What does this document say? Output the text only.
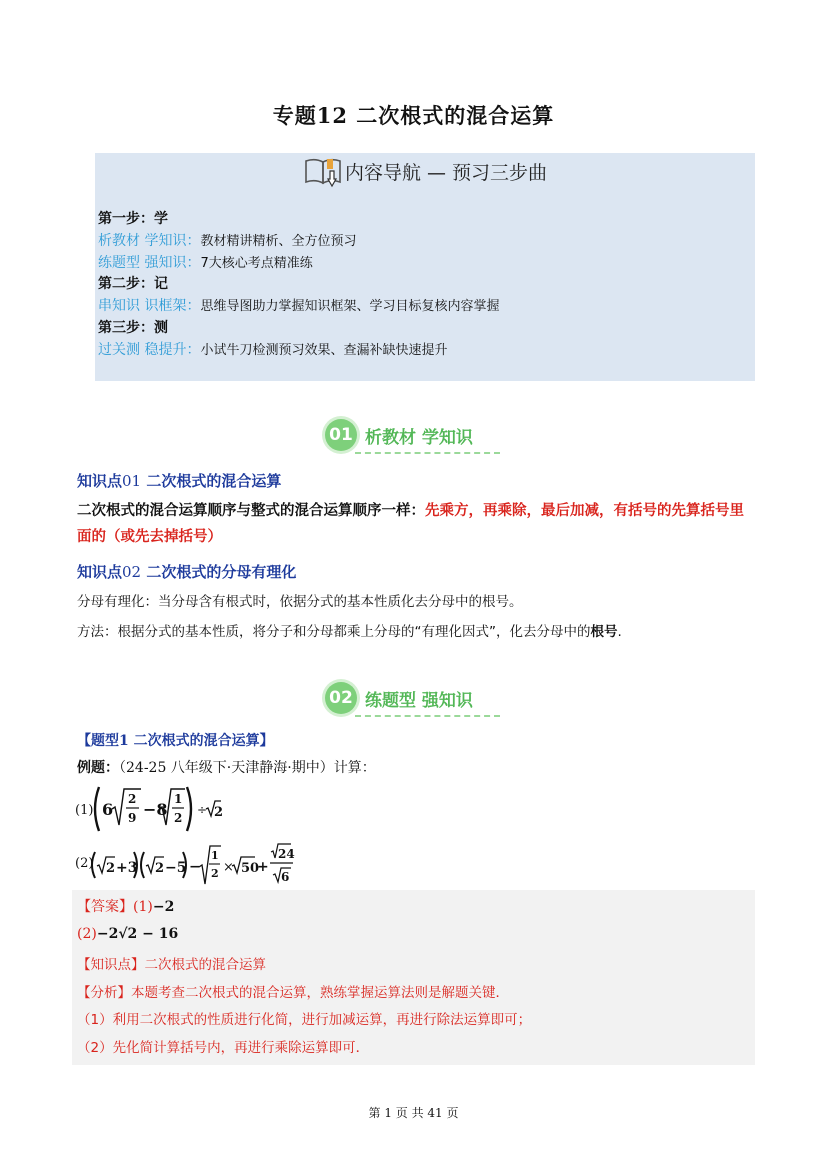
专题12 二次根式的混合运算
内容导航 — 预习三步曲
第一步：学
析教材 学知识：教材精讲精析、全方位预习
练题型 强知识：7大核心考点精准练
第二步：记
串知识 识框架：思维导图助力掌握知识框架、学习目标复核内容掌握
第三步：测
过关测 稳提升：小试牛刀检测预习效果、查漏补缺快速提升
01 析教材 学知识
知识点01 二次根式的混合运算
二次根式的混合运算顺序与整式的混合运算顺序一样：先乘方，再乘除，最后加减，有括号的先算括号里面的（或先去掉括号）
知识点02 二次根式的分母有理化
分母有理化：当分母含有根式时，依据分式的基本性质化去分母中的根号。
方法：根据分式的基本性质，将分子和分母都乘上分母的“有理化因式”，化去分母中的根号.
02 练题型 强知识
【题型1 二次根式的混合运算】
例题：（24-25 八年级下·天津静海·期中）计算：
(1) 6
2
9 −8
1
2
÷ 2
(2) 2 +3 2 −5 −
1
2 × 50
+
24
6
【答案】(1)−2
(2)−2√2 − 16
【知识点】二次根式的混合运算
【分析】本题考查二次根式的混合运算，熟练掌握运算法则是解题关键．
（1）利用二次根式的性质进行化简，进行加减运算，再进行除法运算即可；
（2）先化简计算括号内，再进行乘除运算即可．
第 1 页 共 41 页
